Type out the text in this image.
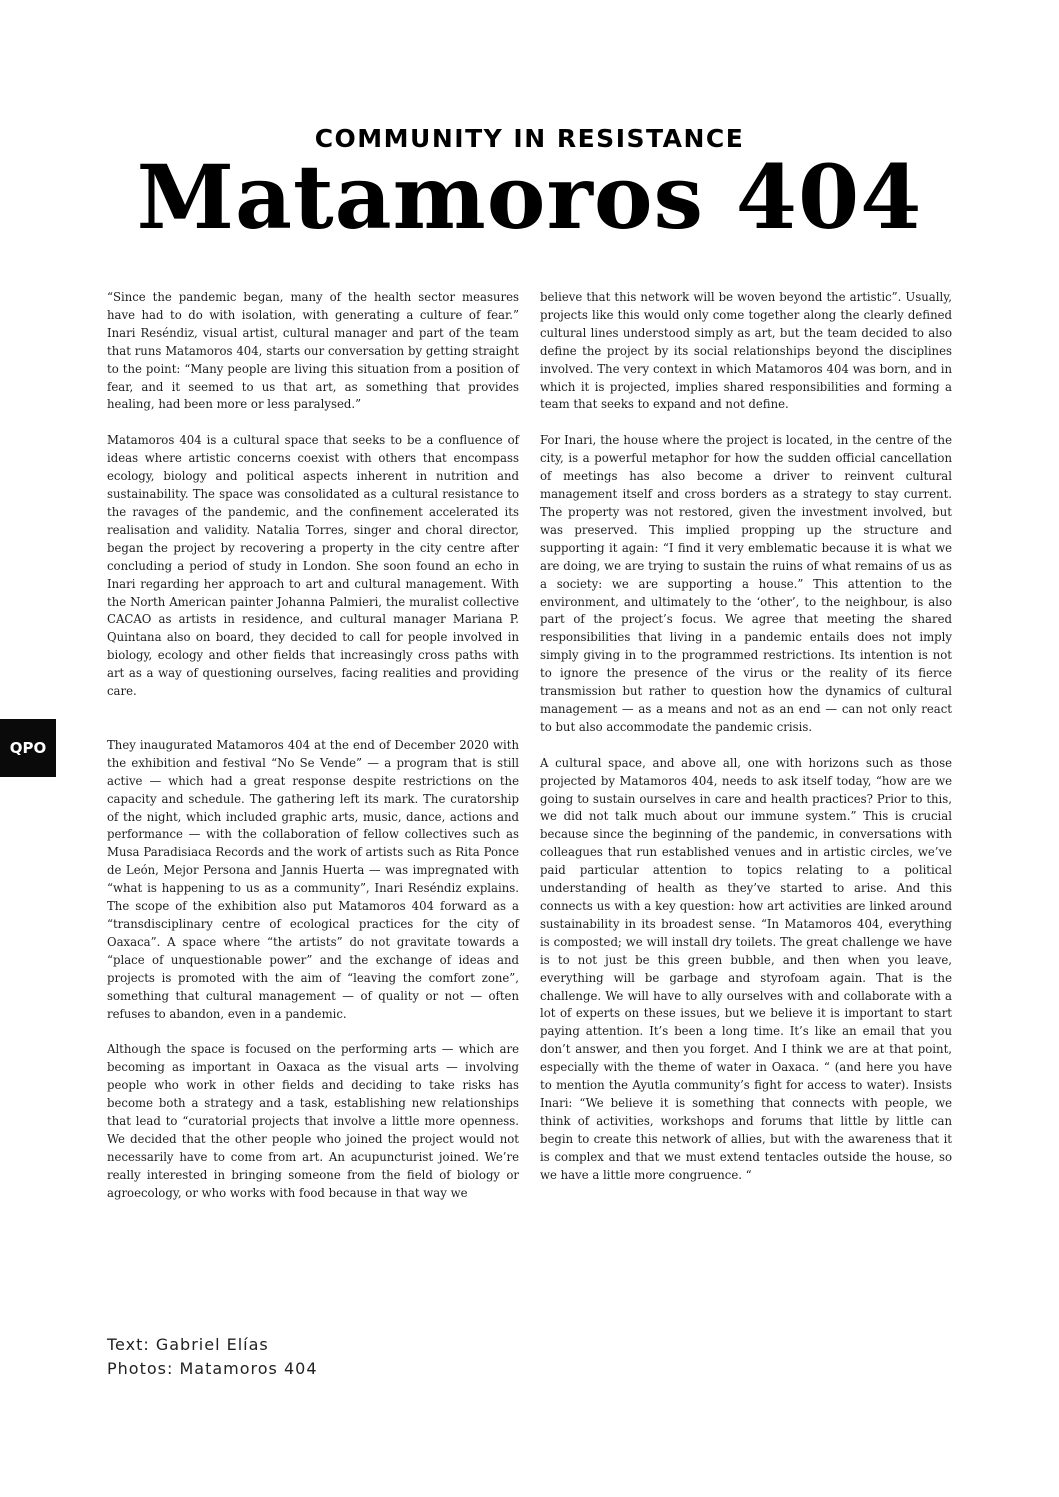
COMMUNITY IN RESISTANCE
Matamoros 404

“Since the pandemic began, many of the health sector measures have had to do with isolation, with generating a culture of fear.” Inari Reséndiz, visual artist, cultural manager and part of the team that runs Matamoros 404, starts our conversation by getting straight to the point: “Many people are living this situation from a position of fear, and it seemed to us that art, as something that provides healing, had been more or less paralysed.”

Matamoros 404 is a cultural space that seeks to be a confluence of ideas where artistic concerns coexist with others that encompass ecology, biology and political aspects inherent in nutrition and sustainability. The space was consolidated as a cultural resistance to the ravages of the pandemic, and the confinement accelerated its realisation and validity. Natalia Torres, singer and choral director, began the project by recovering a property in the city centre after concluding a period of study in London. She soon found an echo in Inari regarding her approach to art and cultural management. With the North American painter Johanna Palmieri, the muralist collective CACAO as artists in residence, and cultural manager Mariana P. Quintana also on board, they decided to call for people involved in biology, ecology and other fields that increasingly cross paths with art as a way of questioning ourselves, facing realities and providing care.

They inaugurated Matamoros 404 at the end of December 2020 with the exhibition and festival “No Se Vende” — a program that is still active — which had a great response despite restrictions on the capacity and schedule. The gathering left its mark. The curatorship of the night, which included graphic arts, music, dance, actions and performance — with the collaboration of fellow collectives such as Musa Paradisiaca Records and the work of artists such as Rita Ponce de León, Mejor Persona and Jannis Huerta — was impregnated with “what is happening to us as a community”, Inari Reséndiz explains. The scope of the exhibition also put Matamoros 404 forward as a “transdisciplinary centre of ecological practices for the city of Oaxaca”. A space where “the artists” do not gravitate towards a “place of unquestionable power” and the exchange of ideas and projects is promoted with the aim of “leaving the comfort zone”, something that cultural management — of quality or not — often refuses to abandon, even in a pandemic.

Although the space is focused on the performing arts — which are becoming as important in Oaxaca as the visual arts — involving people who work in other fields and deciding to take risks has become both a strategy and a task, establishing new relationships that lead to “curatorial projects that involve a little more openness. We decided that the other people who joined the project would not necessarily have to come from art. An acupuncturist joined. We’re really interested in bringing someone from the field of biology or agroecology, or who works with food because in that way we

believe that this network will be woven beyond the artistic”. Usually, projects like this would only come together along the clearly defined cultural lines understood simply as art, but the team decided to also define the project by its social relationships beyond the disciplines involved. The very context in which Matamoros 404 was born, and in which it is projected, implies shared responsibilities and forming a team that seeks to expand and not define.

For Inari, the house where the project is located, in the centre of the city, is a powerful metaphor for how the sudden official cancellation of meetings has also become a driver to reinvent cultural management itself and cross borders as a strategy to stay current. The property was not restored, given the investment involved, but was preserved. This implied propping up the structure and supporting it again: “I find it very emblematic because it is what we are doing, we are trying to sustain the ruins of what remains of us as a society: we are supporting a house.” This attention to the environment, and ultimately to the ‘other’, to the neighbour, is also part of the project’s focus. We agree that meeting the shared responsibilities that living in a pandemic entails does not imply simply giving in to the programmed restrictions. Its intention is not to ignore the presence of the virus or the reality of its fierce transmission but rather to question how the dynamics of cultural management — as a means and not as an end — can not only react to but also accommodate the pandemic crisis.

A cultural space, and above all, one with horizons such as those projected by Matamoros 404, needs to ask itself today, “how are we going to sustain ourselves in care and health practices? Prior to this, we did not talk much about our immune system.” This is crucial because since the beginning of the pandemic, in conversations with colleagues that run established venues and in artistic circles, we’ve paid particular attention to topics relating to a political understanding of health as they’ve started to arise. And this connects us with a key question: how art activities are linked around sustainability in its broadest sense. “In Matamoros 404, everything is composted; we will install dry toilets. The great challenge we have is to not just be this green bubble, and then when you leave, everything will be garbage and styrofoam again. That is the challenge. We will have to ally ourselves with and collaborate with a lot of experts on these issues, but we believe it is important to start paying attention. It’s been a long time. It’s like an email that you don’t answer, and then you forget. And I think we are at that point, especially with the theme of water in Oaxaca. “ (and here you have to mention the Ayutla community’s fight for access to water). Insists Inari: “We believe it is something that connects with people, we think of activities, workshops and forums that little by little can begin to create this network of allies, but with the awareness that it is complex and that we must extend tentacles outside the house, so we have a little more congruence. “

QPO
Text: Gabriel Elías
Photos: Matamoros 404
